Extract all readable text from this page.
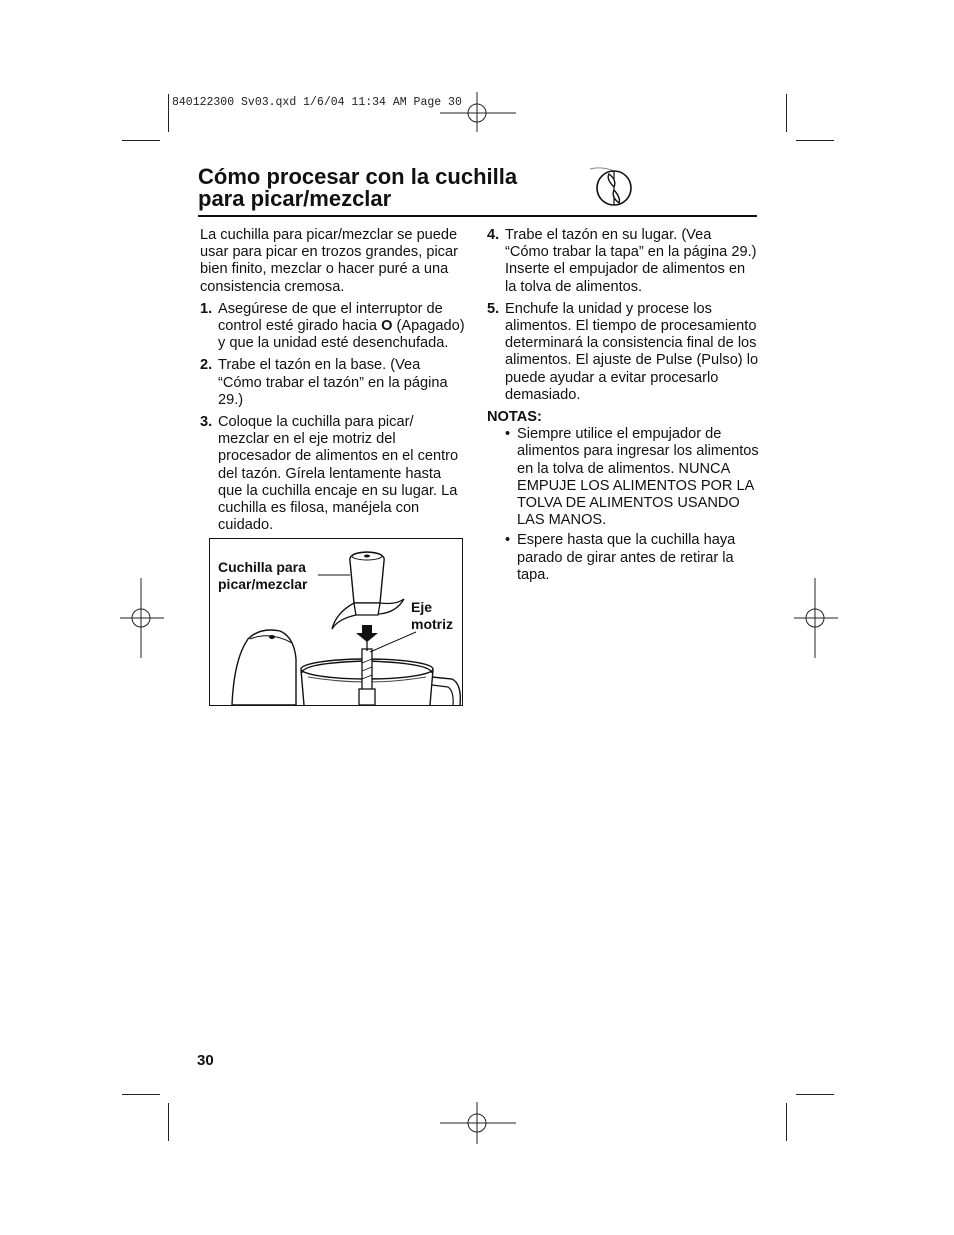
840122300 Sv03.qxd 1/6/04 11:34 AM Page 30
Cómo procesar con la cuchilla
para picar/mezclar

La cuchilla para picar/mezclar se puede usar para picar en trozos grandes, picar bien finito, mezclar o hacer puré a una consistencia cremosa.

1. Asegúrese de que el interruptor de control esté girado hacia O (Apagado) y que la unidad esté desenchufada.
2. Trabe el tazón en la base. (Vea “Cómo trabar el tazón” en la página 29.)
3. Coloque la cuchilla para picar/ mezclar en el eje motriz del procesador de alimentos en el centro del tazón. Gírela lentamente hasta que la cuchilla encaje en su lugar. La cuchilla es filosa, manéjela con cuidado.
4. Trabe el tazón en su lugar. (Vea “Cómo trabar la tapa” en la página 29.) Inserte el empujador de alimentos en la tolva de alimentos.
5. Enchufe la unidad y procese los alimentos. El tiempo de procesamiento determinará la consistencia final de los alimentos. El ajuste de Pulse (Pulso) lo puede ayudar a evitar procesarlo demasiado.

NOTAS:

• Siempre utilice el empujador de alimentos para ingresar los alimentos en la tolva de alimentos. NUNCA EMPUJE LOS ALIMENTOS POR LA TOLVA DE ALIMENTOS USANDO LAS MANOS.
• Espere hasta que la cuchilla haya parado de girar antes de retirar la tapa.
Cuchilla para
picar/mezclar
Eje
motriz
30
